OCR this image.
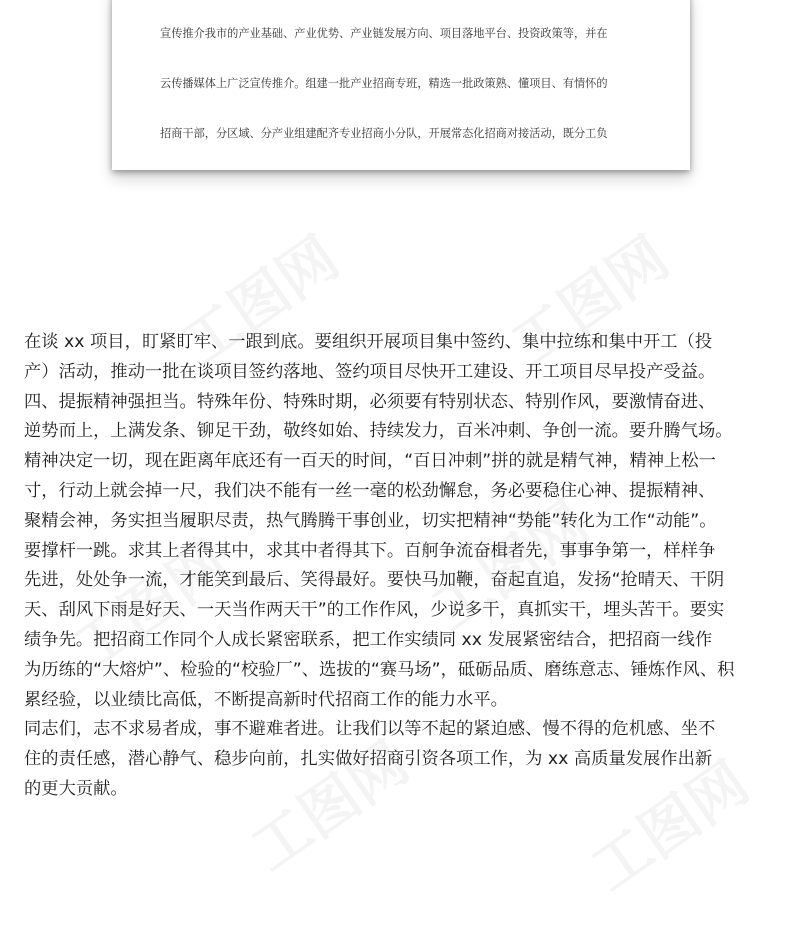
宣传推介我市的产业基础、产业优势、产业链发展方向、项目落地平台、投资政策等，并在

云传播媒体上广泛宣传推介。组建一批产业招商专班，精选一批政策熟、懂项目、有情怀的

招商干部，分区域、分产业组建配齐专业招商小分队，开展常态化招商对接活动，既分工负

在谈 xx 项目，盯紧盯牢、一跟到底。要组织开展项目集中签约、集中拉练和集中开工（投
产）活动，推动一批在谈项目签约落地、签约项目尽快开工建设、开工项目尽早投产受益。
四、提振精神强担当。特殊年份、特殊时期，必须要有特别状态、特别作风，要激情奋进、
逆势而上，上满发条、铆足干劲，敬终如始、持续发力，百米冲刺、争创一流。要升腾气场。
精神决定一切，现在距离年底还有一百天的时间，“百日冲刺”拼的就是精气神，精神上松一
寸，行动上就会掉一尺，我们决不能有一丝一毫的松劲懈怠，务必要稳住心神、提振精神、
聚精会神，务实担当履职尽责，热气腾腾干事创业，切实把精神“势能”转化为工作“动能”。
要撑杆一跳。求其上者得其中，求其中者得其下。百舸争流奋楫者先，事事争第一，样样争
先进，处处争一流，才能笑到最后、笑得最好。要快马加鞭，奋起直追，发扬“抢晴天、干阴
天、刮风下雨是好天、一天当作两天干”的工作作风，少说多干，真抓实干，埋头苦干。要实
绩争先。把招商工作同个人成长紧密联系，把工作实绩同 xx 发展紧密结合，把招商一线作
为历练的“大熔炉”、检验的“校验厂”、选拔的“赛马场”，砥砺品质、磨练意志、锤炼作风、积
累经验，以业绩比高低，不断提高新时代招商工作的能力水平。
同志们，志不求易者成，事不避难者进。让我们以等不起的紧迫感、慢不得的危机感、坐不
住的责任感，潜心静气、稳步向前，扎实做好招商引资各项工作，为 xx 高质量发展作出新
的更大贡献。
